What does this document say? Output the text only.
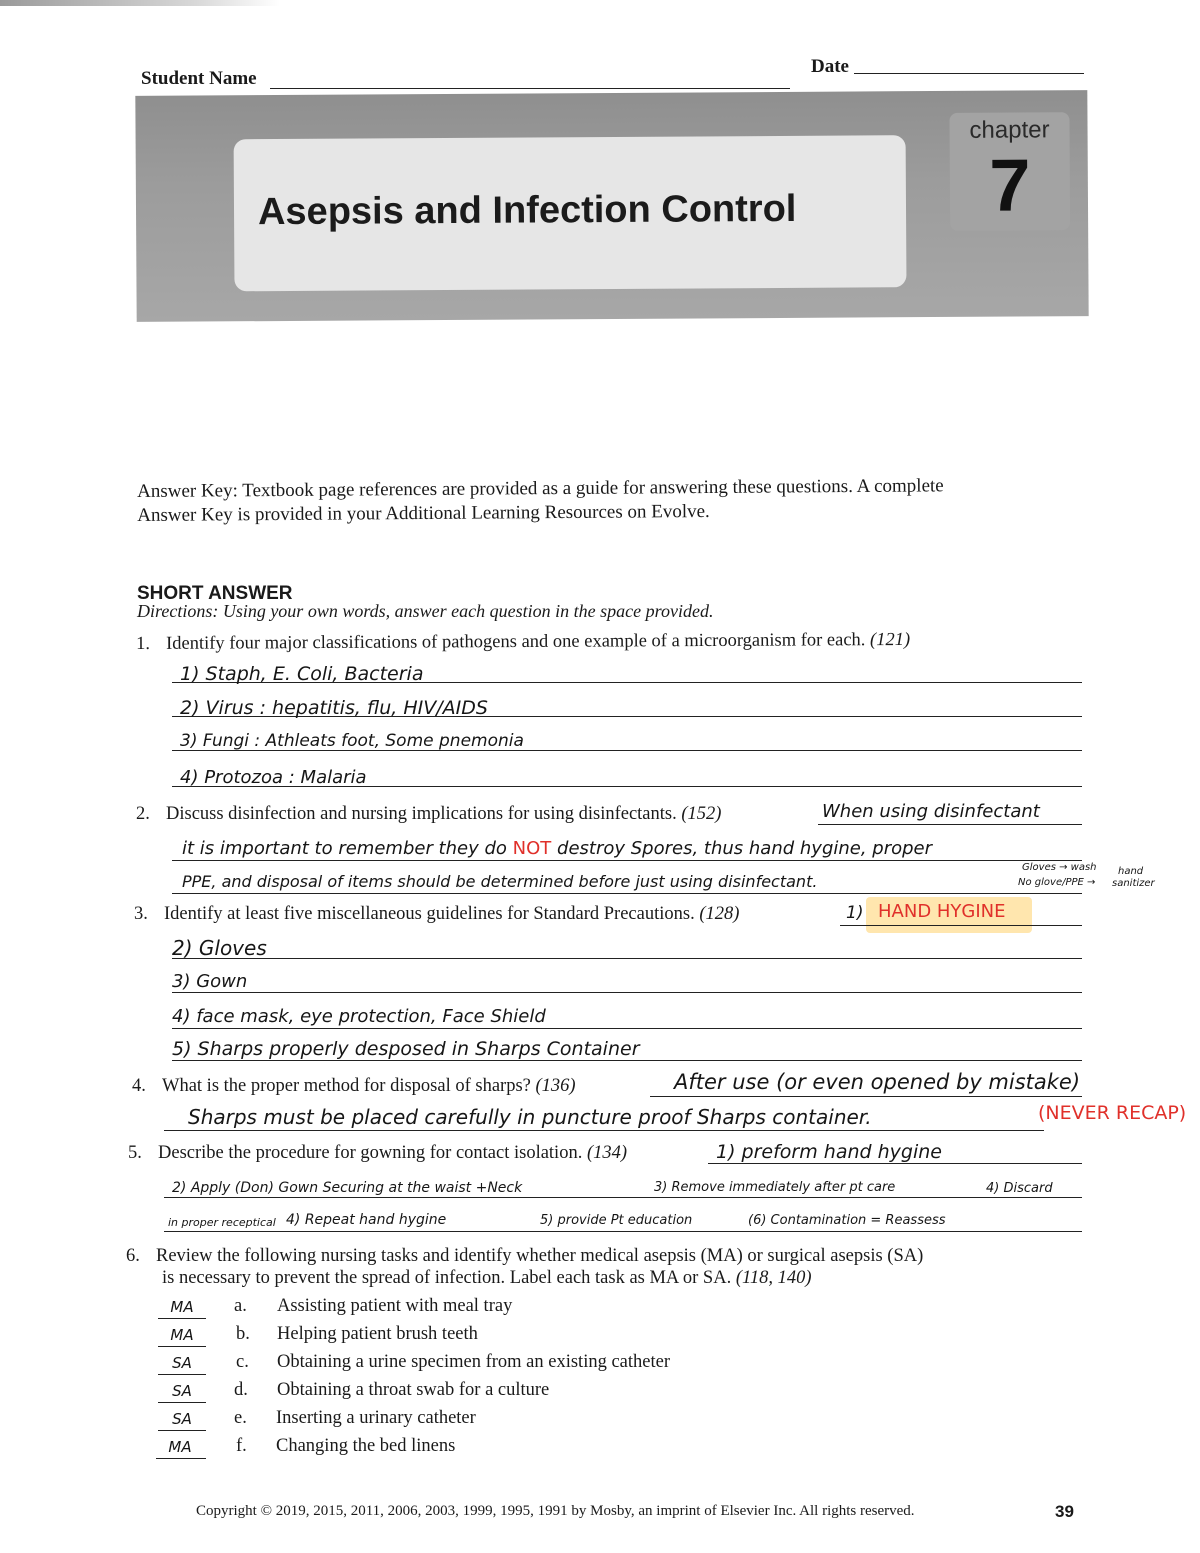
Student Name
Date
Asepsis and Infection Control
chapter
7
Answer Key: Textbook page references are provided as a guide for answering these questions. A complete
Answer Key is provided in your Additional Learning Resources on Evolve.
SHORT ANSWER
Directions: Using your own words, answer each question in the space provided.
1. Identify four major classifications of pathogens and one example of a microorganism for each. (121)
1) Staph, E. Coli, Bacteria
2) Virus : hepatitis, flu, HIV/AIDS
3) Fungi : Athleats foot, Some pnemonia
4) Protozoa : Malaria
2. Discuss disinfection and nursing implications for using disinfectants. (152)	When using disinfectant
it is important to remember they do NOT destroy Spores, thus hand hygine, proper
PPE, and disposal of items should be determined before just using disinfectant.	No glove/PPE →
Gloves → wash hand
sanitizer
3. Identify at least five miscellaneous guidelines for Standard Precautions. (128)	1) HAND HYGINE
2) Gloves
3) Gown
4) face mask, eye protection, Face Shield
5) Sharps properly desposed in Sharps Container
4. What is the proper method for disposal of sharps? (136)	After use (or even opened by mistake)
Sharps must be placed carefully in puncture proof Sharps container.	(NEVER RECAP)
5. Describe the procedure for gowning for contact isolation. (134)	1) preform hand hygine
2) Apply (Don) Gown Securing at the waist +Neck	3) Remove immediately after pt care	4) Discard
in proper receptical 4) Repeat hand hygine	5) provide Pt education	(6) Contamination = Reassess
6. Review the following nursing tasks and identify whether medical asepsis (MA) or surgical asepsis (SA)
is necessary to prevent the spread of infection. Label each task as MA or SA. (118, 140)
MA	a. Assisting patient with meal tray
MA	b. Helping patient brush teeth
SA	c. Obtaining a urine specimen from an existing catheter
SA	d. Obtaining a throat swab for a culture
SA	e. Inserting a urinary catheter
MA	f. Changing the bed linens
Copyright © 2019, 2015, 2011, 2006, 2003, 1999, 1995, 1991 by Mosby, an imprint of Elsevier Inc. All rights reserved.	39
